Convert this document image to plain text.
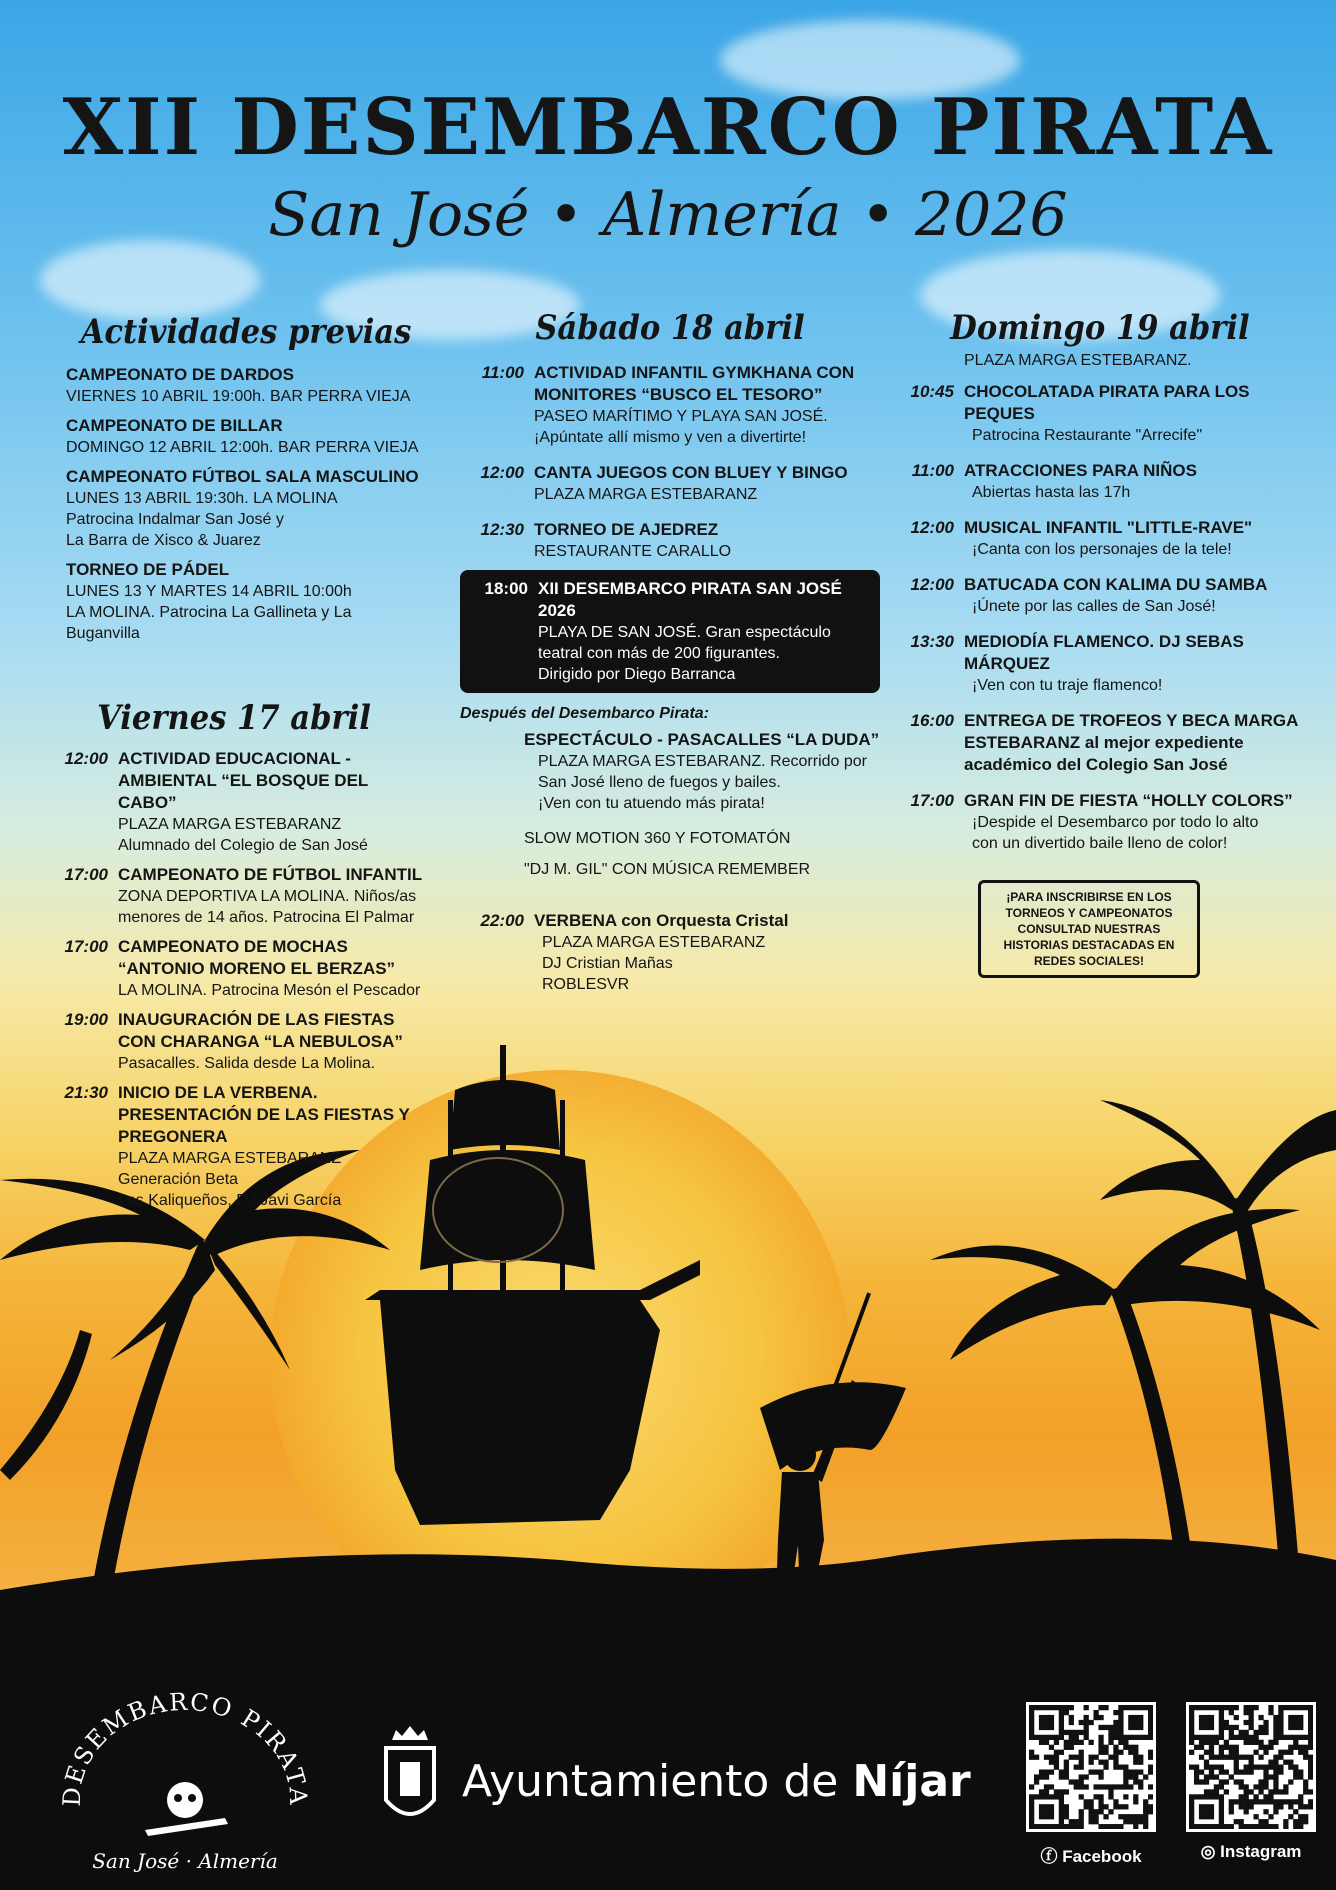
XII DESEMBARCO PIRATA
San José • Almería • 2026
Actividades previas
CAMPEONATO DE DARDOS
VIERNES 10 ABRIL 19:00h. BAR PERRA VIEJA
CAMPEONATO DE BILLAR
DOMINGO 12 ABRIL 12:00h. BAR PERRA VIEJA
CAMPEONATO FÚTBOL SALA MASCULINO
LUNES 13 ABRIL 19:30h. LA MOLINA
Patrocina Indalmar San José y
La Barra de Xisco & Juarez
TORNEO DE PÁDEL
LUNES 13 Y MARTES 14 ABRIL 10:00h
LA MOLINA. Patrocina La Gallineta y La Buganvilla
Viernes 17 abril
12:00 ACTIVIDAD EDUCACIONAL - AMBIENTAL “EL BOSQUE DEL CABO”
PLAZA MARGA ESTEBARANZ
Alumnado del Colegio de San José
17:00 CAMPEONATO DE FÚTBOL INFANTIL
ZONA DEPORTIVA LA MOLINA. Niños/as
menores de 14 años. Patrocina El Palmar
17:00 CAMPEONATO DE MOCHAS “ANTONIO MORENO EL BERZAS”
LA MOLINA. Patrocina Mesón el Pescador
19:00 INAUGURACIÓN DE LAS FIESTAS CON CHARANGA “LA NEBULOSA”
Pasacalles. Salida desde La Molina.
21:30 INICIO DE LA VERBENA. PRESENTACIÓN DE LAS FIESTAS Y PREGONERA
PLAZA MARGA ESTEBARANZ
Generación Beta
Los Kaliqueños, DJ Javi García
Sábado 18 abril
11:00 ACTIVIDAD INFANTIL GYMKHANA CON MONITORES “BUSCO EL TESORO”
PASEO MARÍTIMO Y PLAYA SAN JOSÉ.
¡Apúntate allí mismo y ven a divertirte!
12:00 CANTA JUEGOS CON BLUEY Y BINGO
PLAZA MARGA ESTEBARANZ
12:30 TORNEO DE AJEDREZ
RESTAURANTE CARALLO
18:00 XII DESEMBARCO PIRATA SAN JOSÉ 2026
PLAYA DE SAN JOSÉ. Gran espectáculo
teatral con más de 200 figurantes.
Dirigido por Diego Barranca
Después del Desembarco Pirata:
ESPECTÁCULO - PASACALLES “LA DUDA”
PLAZA MARGA ESTEBARANZ. Recorrido por
San José lleno de fuegos y bailes.
¡Ven con tu atuendo más pirata!
SLOW MOTION 360 Y FOTOMATÓN
"DJ M. GIL" CON MÚSICA REMEMBER
22:00 VERBENA con Orquesta Cristal
PLAZA MARGA ESTEBARANZ
DJ Cristian Mañas
ROBLESVR
Domingo 19 abril
PLAZA MARGA ESTEBARANZ.
10:45 CHOCOLATADA PIRATA PARA LOS PEQUES
Patrocina Restaurante "Arrecife"
11:00 ATRACCIONES PARA NIÑOS
Abiertas hasta las 17h
12:00 MUSICAL INFANTIL "LITTLE-RAVE"
¡Canta con los personajes de la tele!
12:00 BATUCADA CON KALIMA DU SAMBA
¡Únete por las calles de San José!
13:30 MEDIODÍA FLAMENCO. DJ SEBAS MÁRQUEZ
¡Ven con tu traje flamenco!
16:00 ENTREGA DE TROFEOS Y BECA MARGA ESTEBARANZ al mejor expediente académico del Colegio San José
17:00 GRAN FIN DE FIESTA “HOLLY COLORS”
¡Despide el Desembarco por todo lo alto
con un divertido baile lleno de color!
¡PARA INSCRIBIRSE EN LOS TORNEOS Y CAMPEONATOS CONSULTAD NUESTRAS HISTORIAS DESTACADAS EN REDES SOCIALES!
DESEMBARCO PIRATA
San José · Almería
Ayuntamiento de Níjar
ⓕ Facebook	◎ Instagram
